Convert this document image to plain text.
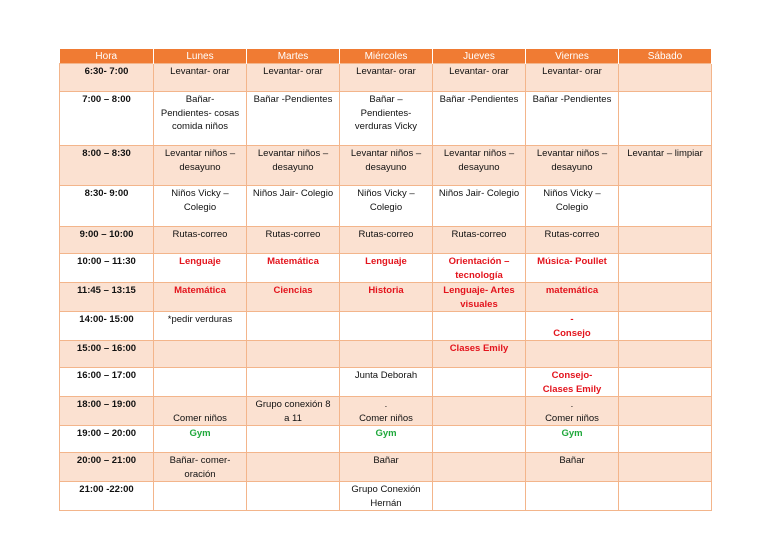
Hora	Lunes	Martes	Miércoles	Jueves	Viernes	Sábado
6:30- 7:00	Levantar- orar	Levantar- orar	Levantar- orar	Levantar- orar	Levantar- orar	

7:00 – 8:00	Bañar-
Pendientes- cosas
comida niños	Bañar -Pendientes	Bañar –
Pendientes-
verduras Vicky	Bañar -Pendientes	Bañar -Pendientes	

8:00 – 8:30	Levantar niños –
desayuno	Levantar niños –
desayuno	Levantar niños –
desayuno	Levantar niños –
desayuno	Levantar niños –
desayuno	Levantar – limpiar

8:30- 9:00	Niños Vicky –
Colegio	Niños Jair- Colegio	Niños Vicky –
Colegio	Niños Jair- Colegio	Niños Vicky –
Colegio	

9:00 – 10:00	Rutas-correo	Rutas-correo	Rutas-correo	Rutas-correo	Rutas-correo	

10:00 – 11:30	Lenguaje	Matemática	Lenguaje	Orientación –
tecnología	Música- Poullet	

11:45 – 13:15	Matemática	Ciencias	Historia	Lenguaje- Artes
visuales	matemática	

14:00- 15:00	*pedir verduras				-
Consejo	

15:00 – 16:00				Clases Emily		

16:00 – 17:00			Junta Deborah		Consejo-
Clases Emily	

18:00 – 19:00	Comer niños	Grupo conexión 8
a 11	.
Comer niños		.
Comer niños	

19:00 – 20:00	Gym		Gym		Gym	

20:00 – 21:00	Bañar- comer-
oración		Bañar		Bañar	

21:00 -22:00			Grupo Conexión
Hernán			
